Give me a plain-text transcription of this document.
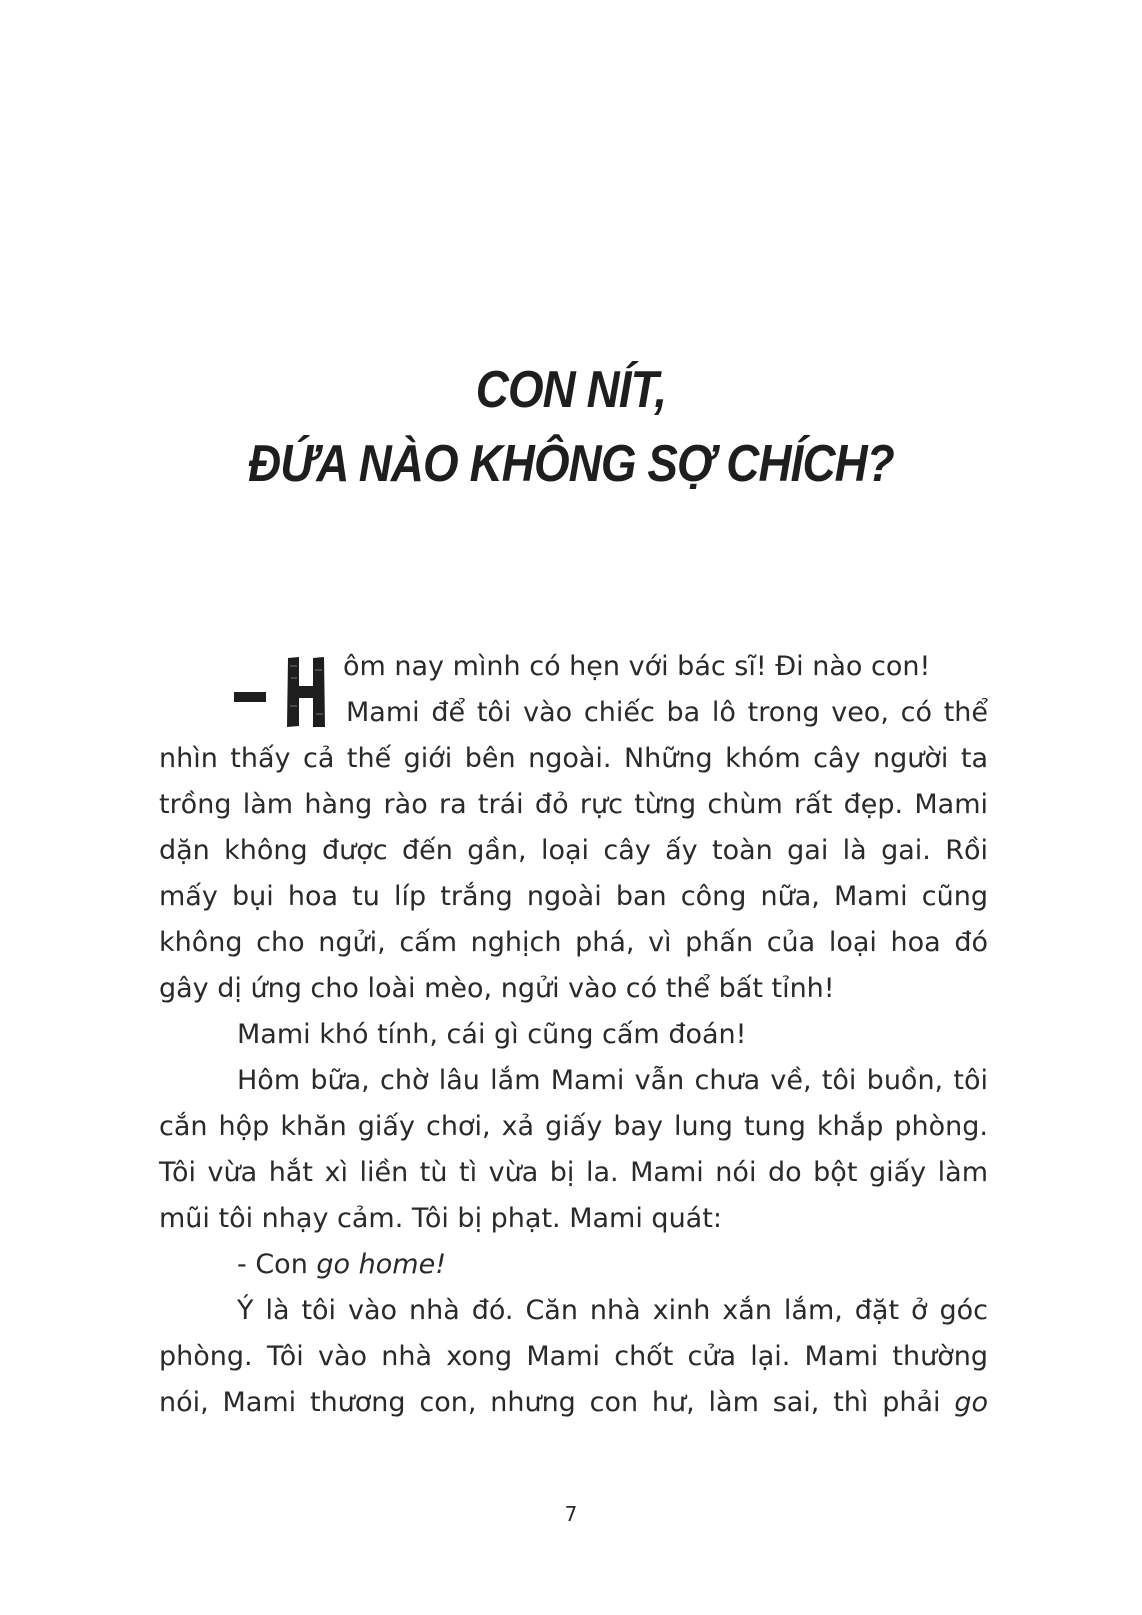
CON NÍT,
ĐỨA NÀO KHÔNG SỢ CHÍCH?
ôm nay mình có hẹn với bác sĩ! Đi nào con!
Mami để tôi vào chiếc ba lô trong veo, có thể
nhìn thấy cả thế giới bên ngoài. Những khóm cây người ta
trồng làm hàng rào ra trái đỏ rực từng chùm rất đẹp. Mami
dặn không được đến gần, loại cây ấy toàn gai là gai. Rồi
mấy bụi hoa tu líp trắng ngoài ban công nữa, Mami cũng
không cho ngửi, cấm nghịch phá, vì phấn của loại hoa đó
gây dị ứng cho loài mèo, ngửi vào có thể bất tỉnh!
Mami khó tính, cái gì cũng cấm đoán!
Hôm bữa, chờ lâu lắm Mami vẫn chưa về, tôi buồn, tôi
cắn hộp khăn giấy chơi, xả giấy bay lung tung khắp phòng.
Tôi vừa hắt xì liền tù tì vừa bị la. Mami nói do bột giấy làm
mũi tôi nhạy cảm. Tôi bị phạt. Mami quát:
- Con go home!
Ý là tôi vào nhà đó. Căn nhà xinh xắn lắm, đặt ở góc
phòng. Tôi vào nhà xong Mami chốt cửa lại. Mami thường
nói, Mami thương con, nhưng con hư, làm sai, thì phải go
7
